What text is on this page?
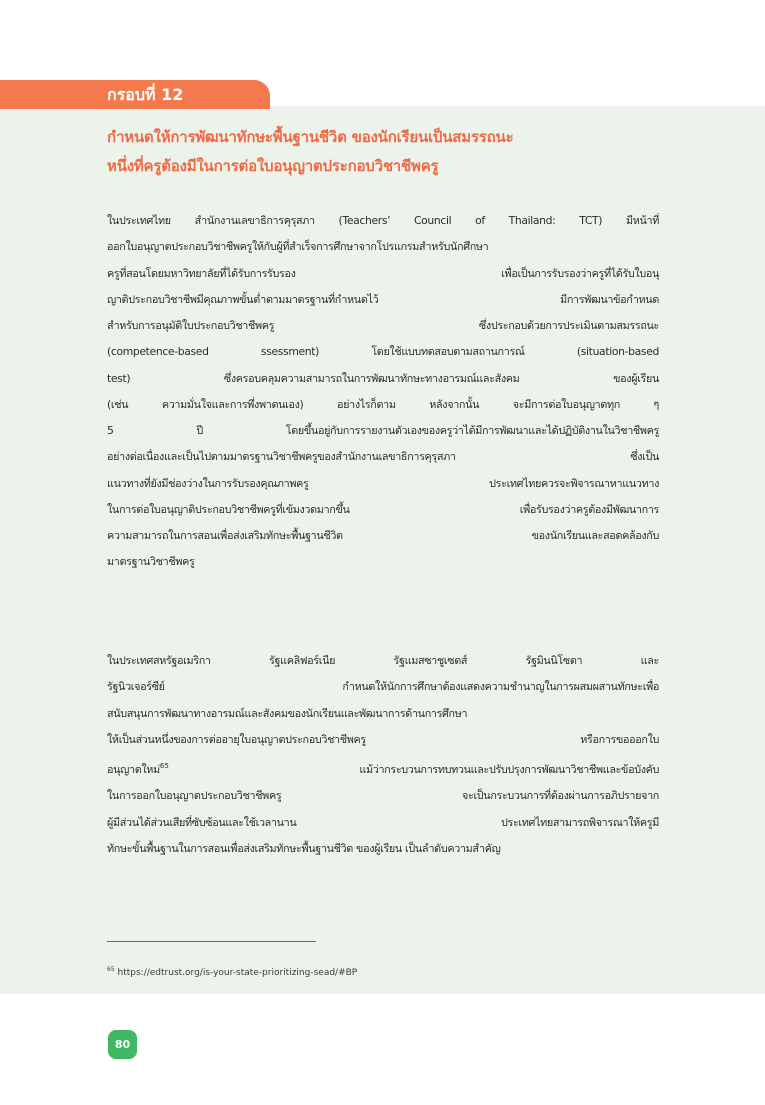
กรอบที่ 12
กำหนดให้การพัฒนาทักษะพื้นฐานชีวิต ของนักเรียนเป็นสมรรถนะ
หนึ่งที่ครูต้องมีในการต่อใบอนุญาตประกอบวิชาชีพครู

ในประเทศไทย สำนักงานเลขาธิการคุรุสภา (Teachers’ Council of Thailand: TCT) มีหน้าที่
ออกใบอนุญาตประกอบวิชาชีพครูให้กับผู้ที่สำเร็จการศึกษาจากโปรแกรมสำหรับนักศึกษา
ครูที่สอนโดยมหาวิทยาลัยที่ได้รับการรับรอง เพื่อเป็นการรับรองว่าครูที่ได้รับใบอนุ
ญาติประกอบวิชาชีพมีคุณภาพขั้นต่ำตามมาตรฐานที่กำหนดไว้ มีการพัฒนาข้อกำหนด
สำหรับการอนุมัติใบประกอบวิชาชีพครู ซึ่งประกอบด้วยการประเมินตามสมรรถนะ
(competence-based ssessment) โดยใช้แบบทดสอบตามสถานการณ์ (situation-based
test) ซึ่งครอบคลุมความสามารถในการพัฒนาทักษะทางอารมณ์และสังคม ของผู้เรียน
(เช่น ความมั่นใจและการพึ่งพาตนเอง) อย่างไรก็ตาม หลังจากนั้น จะมีการต่อใบอนุญาตทุก ๆ
5 ปี โดยขึ้นอยู่กับการรายงานตัวเองของครูว่าได้มีการพัฒนาและได้ปฏิบัติงานในวิชาชีพครู
อย่างต่อเนื่องและเป็นไปตามมาตรฐานวิชาชีพครูของสำนักงานเลขาธิการคุรุสภา ซึ่งเป็น
แนวทางที่ยังมีช่องว่างในการรับรองคุณภาพครู ประเทศไทยควรจะพิจารณาหาแนวทาง
ในการต่อใบอนุญาติประกอบวิชาชีพครูที่เข้มงวดมากขึ้น เพื่อรับรองว่าครูต้องมีพัฒนาการ
ความสามารถในการสอนเพื่อส่งเสริมทักษะพื้นฐานชีวิต ของนักเรียนและสอดคล้องกับ
มาตรฐานวิชาชีพครู

ในประเทศสหรัฐอเมริกา รัฐแคลิฟอร์เนีย รัฐแมสซาชูเซตส์ รัฐมินนิโซตา และ
รัฐนิวเจอร์ซีย์ กำหนดให้นักการศึกษาต้องแสดงความชำนาญในการผสมผสานทักษะเพื่อ
สนับสนุนการพัฒนาทางอารมณ์และสังคมของนักเรียนและพัฒนาการด้านการศึกษา
ให้เป็นส่วนหนึ่งของการต่ออายุใบอนุญาตประกอบวิชาชีพครู หรือการขอออกใบ
อนุญาตใหม่$^{65}$ แม้ว่ากระบวนการทบทวนและปรับปรุงการพัฒนาวิชาชีพและข้อบังคับ
ในการออกใบอนุญาตประกอบวิชาชีพครู จะเป็นกระบวนการที่ต้องผ่านการอภิปรายจาก
ผู้มีส่วนได้ส่วนเสียที่ซับซ้อนและใช้เวลานาน ประเทศไทยสามารถพิจารณาให้ครูมี
ทักษะขั้นพื้นฐานในการสอนเพื่อส่งเสริมทักษะพื้นฐานชีวิต ของผู้เรียน เป็นลำดับความสำคัญ

$^{65}$ https://edtrust.org/is-your-state-prioritizing-sead/#BP

80
